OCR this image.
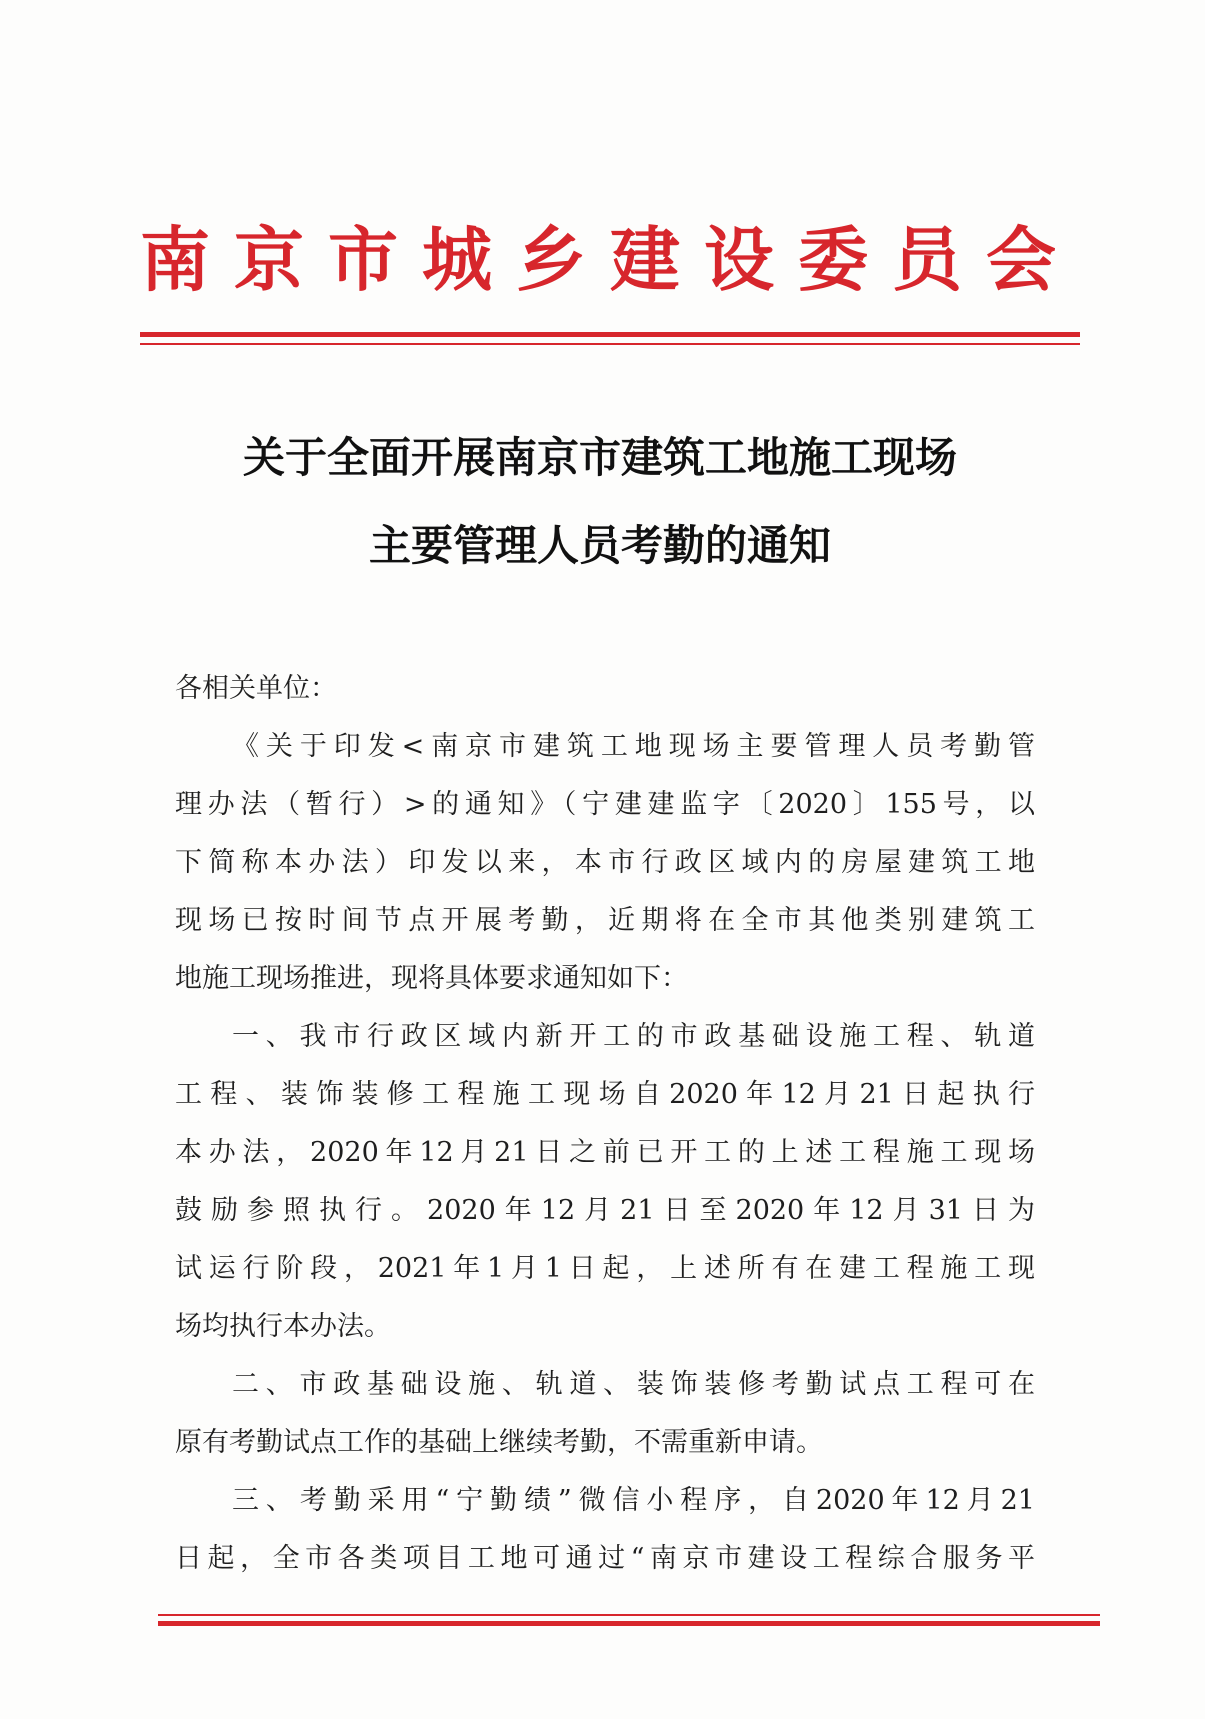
南京市城乡建设委员会
关于全面开展南京市建筑工地施工现场
主要管理人员考勤的通知
各相关单位：
《关于印发<南京市建筑工地现场主要管理人员考勤管
理办法（暂行）>的通知》（宁建建监字〔2020〕155号，以
下简称本办法）印发以来，本市行政区域内的房屋建筑工地
现场已按时间节点开展考勤，近期将在全市其他类别建筑工
地施工现场推进，现将具体要求通知如下：
一、我市行政区域内新开工的市政基础设施工程、轨道
工程、装饰装修工程施工现场自2020年12月21日起执行
本办法，2020年12月21日之前已开工的上述工程施工现场
鼓励参照执行。2020年12月21日至2020年12月31日为
试运行阶段，2021年1月1日起，上述所有在建工程施工现
场均执行本办法。
二、市政基础设施、轨道、装饰装修考勤试点工程可在
原有考勤试点工作的基础上继续考勤，不需重新申请。
三、考勤采用“宁勤绩”微信小程序，自2020年12月21
日起，全市各类项目工地可通过“南京市建设工程综合服务平
